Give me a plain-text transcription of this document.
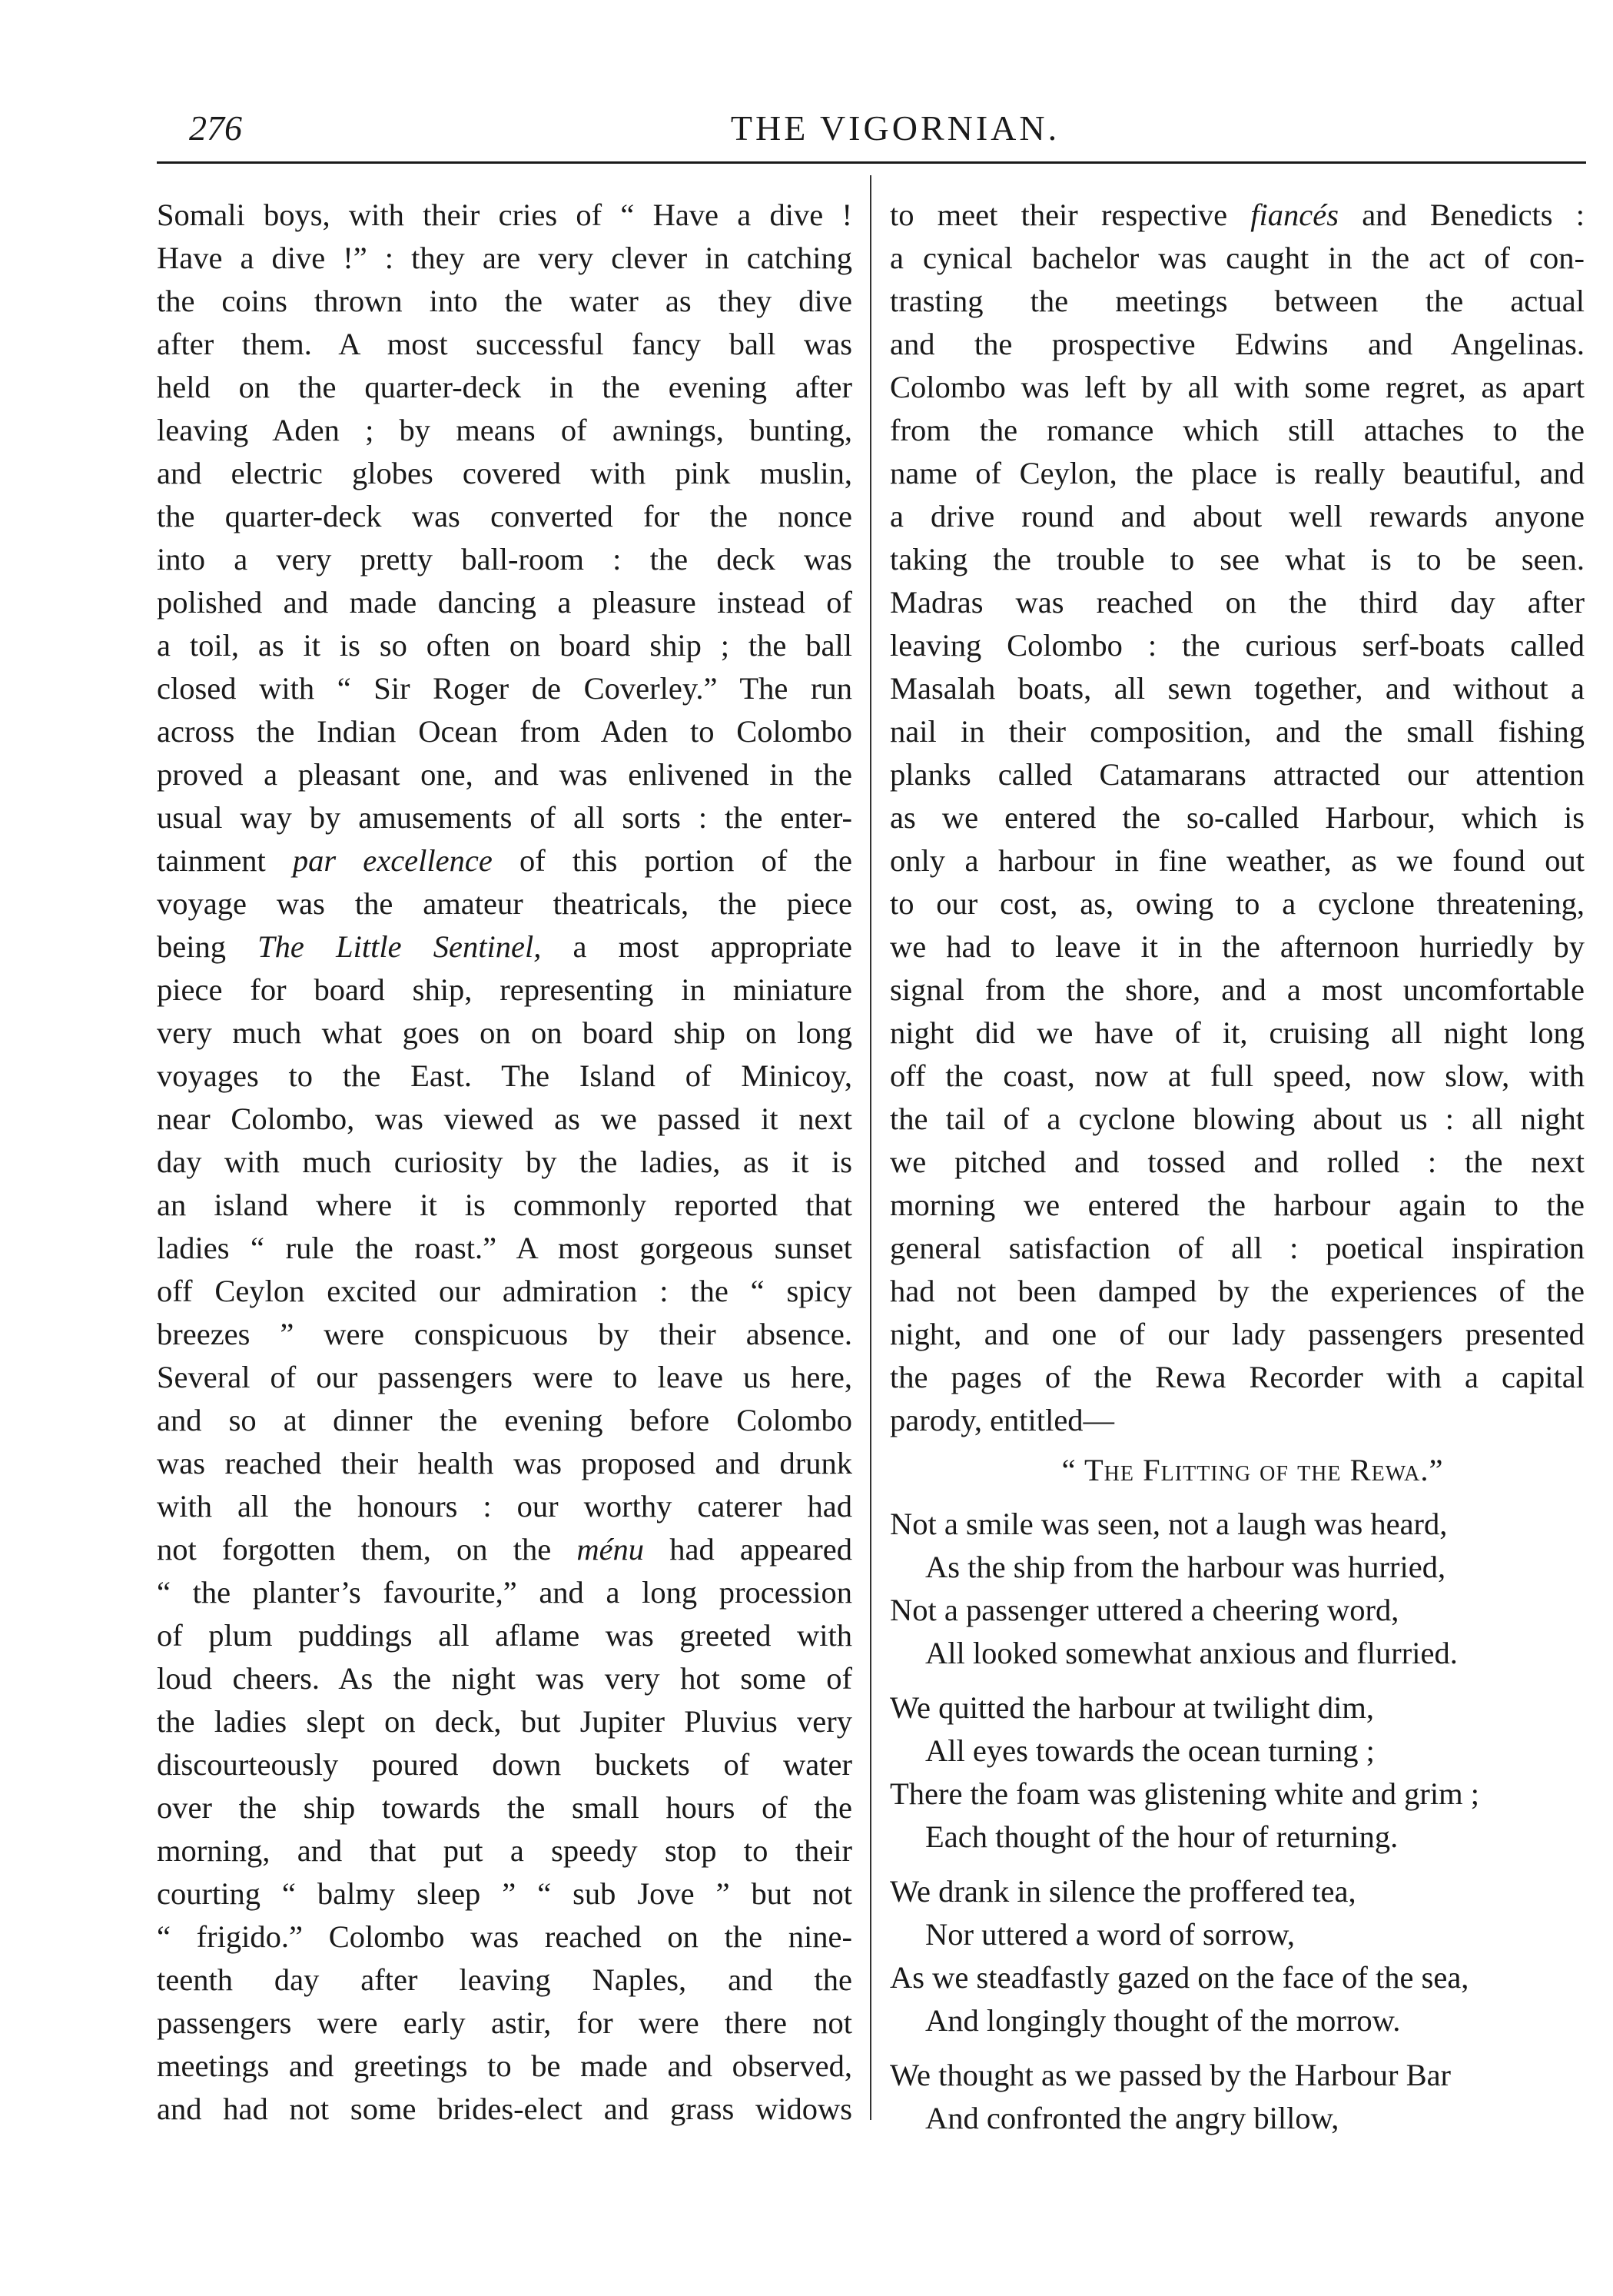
276	THE VIGORNIAN.
Somali boys, with their cries of “ Have a dive !
Have a dive !” : they are very clever in catching
the coins thrown into the water as they dive
after them. A most successful fancy ball was
held on the quarter-deck in the evening after
leaving Aden ; by means of awnings, bunting,
and electric globes covered with pink muslin,
the quarter-deck was converted for the nonce
into a very pretty ball-room : the deck was
polished and made dancing a pleasure instead of
a toil, as it is so often on board ship ; the ball
closed with “ Sir Roger de Coverley.” The run
across the Indian Ocean from Aden to Colombo
proved a pleasant one, and was enlivened in the
usual way by amusements of all sorts : the enter-
tainment par excellence of this portion of the
voyage was the amateur theatricals, the piece
being The Little Sentinel, a most appropriate
piece for board ship, representing in miniature
very much what goes on on board ship on long
voyages to the East. The Island of Minicoy,
near Colombo, was viewed as we passed it next
day with much curiosity by the ladies, as it is
an island where it is commonly reported that
ladies “ rule the roast.” A most gorgeous sunset
off Ceylon excited our admiration : the “ spicy
breezes ” were conspicuous by their absence.
Several of our passengers were to leave us here,
and so at dinner the evening before Colombo
was reached their health was proposed and drunk
with all the honours : our worthy caterer had
not forgotten them, on the ménu had appeared
“ the planter’s favourite,” and a long procession
of plum puddings all aflame was greeted with
loud cheers. As the night was very hot some of
the ladies slept on deck, but Jupiter Pluvius very
discourteously poured down buckets of water
over the ship towards the small hours of the
morning, and that put a speedy stop to their
courting “ balmy sleep ” “ sub Jove ” but not
“ frigido.” Colombo was reached on the nine-
teenth day after leaving Naples, and the
passengers were early astir, for were there not
meetings and greetings to be made and observed,
and had not some brides-elect and grass widows
to meet their respective fiancés and Benedicts :
a cynical bachelor was caught in the act of con-
trasting the meetings between the actual
and the prospective Edwins and Angelinas.
Colombo was left by all with some regret, as apart
from the romance which still attaches to the
name of Ceylon, the place is really beautiful, and
a drive round and about well rewards anyone
taking the trouble to see what is to be seen.
Madras was reached on the third day after
leaving Colombo : the curious serf-boats called
Masalah boats, all sewn together, and without a
nail in their composition, and the small fishing
planks called Catamarans attracted our attention
as we entered the so-called Harbour, which is
only a harbour in fine weather, as we found out
to our cost, as, owing to a cyclone threatening,
we had to leave it in the afternoon hurriedly by
signal from the shore, and a most uncomfortable
night did we have of it, cruising all night long
off the coast, now at full speed, now slow, with
the tail of a cyclone blowing about us : all night
we pitched and tossed and rolled : the next
morning we entered the harbour again to the
general satisfaction of all : poetical inspiration
had not been damped by the experiences of the
night, and one of our lady passengers presented
the pages of the Rewa Recorder with a capital
parody, entitled—
“ The Flitting of the Rewa.”
Not a smile was seen, not a laugh was heard,
As the ship from the harbour was hurried,
Not a passenger uttered a cheering word,
All looked somewhat anxious and flurried.
We quitted the harbour at twilight dim,
All eyes towards the ocean turning ;
There the foam was glistening white and grim ;
Each thought of the hour of returning.
We drank in silence the proffered tea,
Nor uttered a word of sorrow,
As we steadfastly gazed on the face of the sea,
And longingly thought of the morrow.
We thought as we passed by the Harbour Bar
And confronted the angry billow,
